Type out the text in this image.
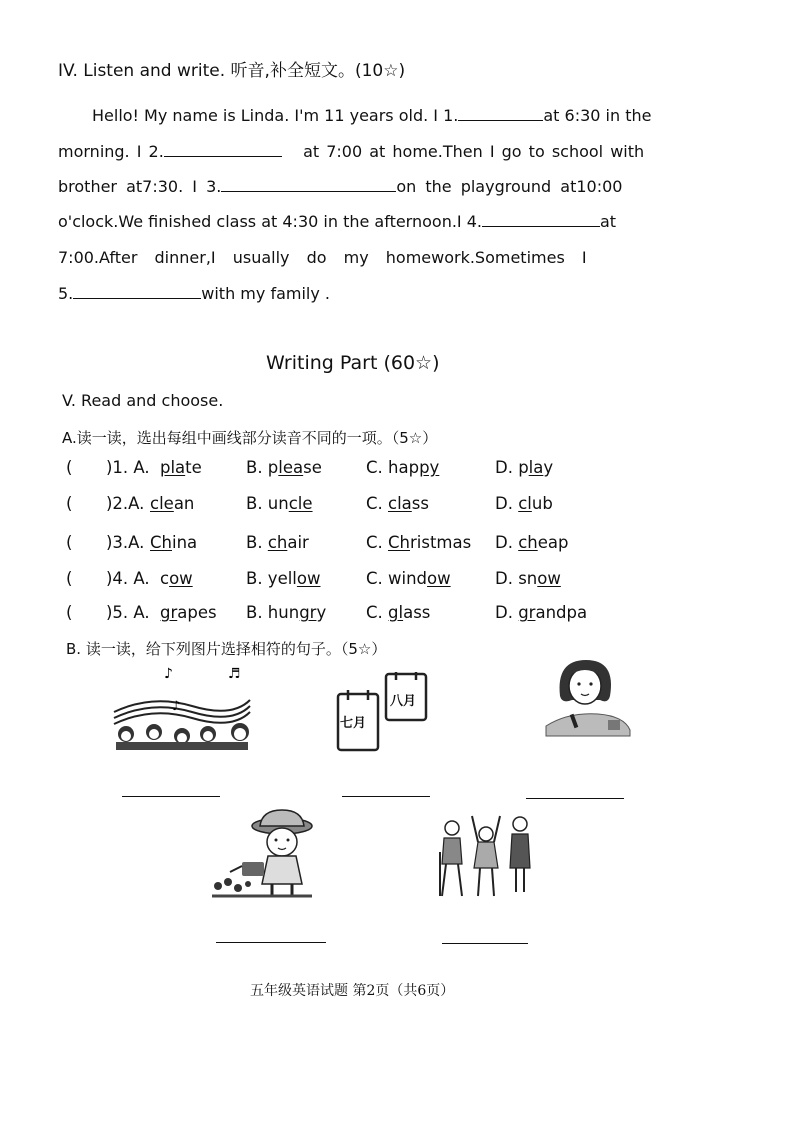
IV. Listen and write. 听音,补全短文。(10☆)
Hello! My name is Linda. I'm 11 years old. I 1.	at 6:30 in the
morning. I 2.	at 7:00 at home.Then I go to school with
brother at7:30. I 3.	on the playground at10:00
o'clock.We finished class at 4:30 in the afternoon.I 4.	at
7:00.After dinner,I usually do my homework.Sometimes I
5.	with my family .
Writing Part (60☆)
V. Read and choose.
A.读一读，选出每组中画线部分读音不同的一项。（5☆）
( )1. A. plate	B. please	C. happy	D. play
( )2.A. clean	B. uncle	C. class	D. club
( )3.A. China	B. chair	C. Christmas D. cheap
( )4. A. cow	B. yellow	C. window	D. snow
( )5. A. grapes B. hungry C. glass	D. grandpa
B. 读一读，给下列图片选择相符的句子。（5☆）
♪	♬
♪
七月
八月
五年级英语试题 第2页（共6页）
